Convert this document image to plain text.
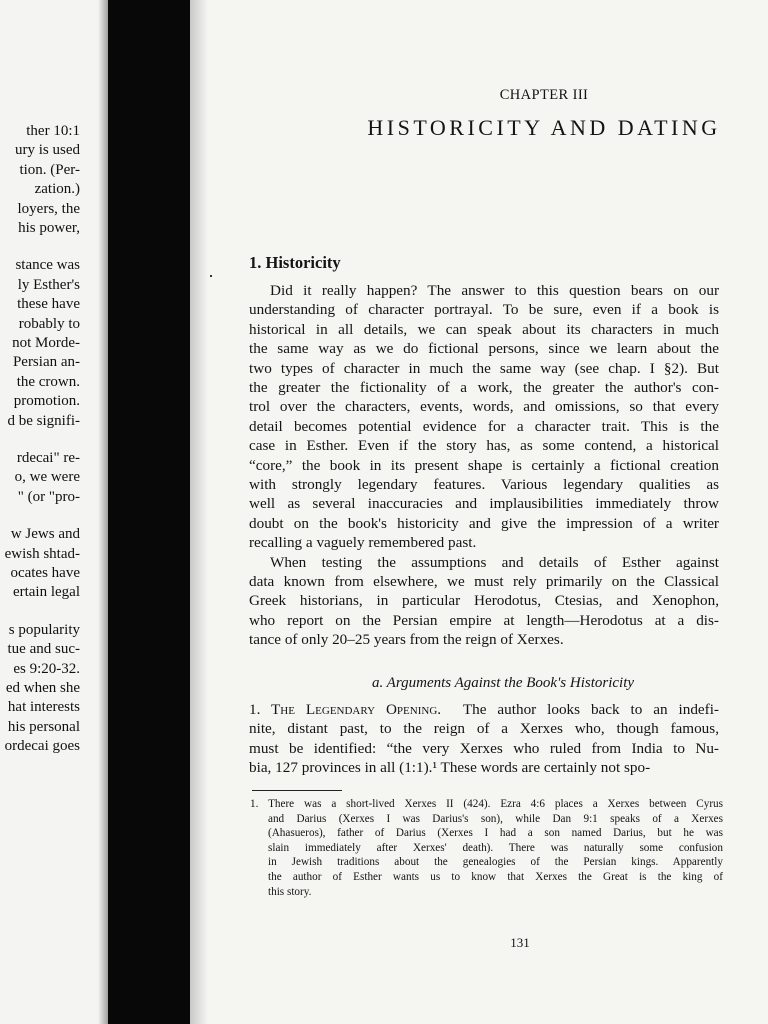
ther 10:1
ury is used
tion. (Per-
zation.)
loyers, the
his power,
stance was
ly Esther's
these have
robably to
not Morde-
Persian an-
the crown.
promotion.
d be signifi-
rdecai" re-
o, we were
" (or "pro-
w Jews and
ewish shtad-
ocates have
ertain legal
s popularity
tue and suc-
es 9:20-32.
ed when she
hat interests
his personal
ordecai goes
CHAPTER III
HISTORICITY AND DATING
1. Historicity
Did it really happen? The answer to this question bears on our
understanding of character portrayal. To be sure, even if a book is
historical in all details, we can speak about its characters in much
the same way as we do fictional persons, since we learn about the
two types of character in much the same way (see chap. I §2). But
the greater the fictionality of a work, the greater the author's con-
trol over the characters, events, words, and omissions, so that every
detail becomes potential evidence for a character trait. This is the
case in Esther. Even if the story has, as some contend, a historical
“core,” the book in its present shape is certainly a fictional creation
with strongly legendary features. Various legendary qualities as
well as several inaccuracies and implausibilities immediately throw
doubt on the book's historicity and give the impression of a writer
recalling a vaguely remembered past.
When testing the assumptions and details of Esther against
data known from elsewhere, we must rely primarily on the Classical
Greek historians, in particular Herodotus, Ctesias, and Xenophon,
who report on the Persian empire at length—Herodotus at a dis-
tance of only 20–25 years from the reign of Xerxes.
a. Arguments Against the Book's Historicity
1. The Legendary Opening. The author looks back to an indefi-
nite, distant past, to the reign of a Xerxes who, though famous,
must be identified: “the very Xerxes who ruled from India to Nu-
bia, 127 provinces in all (1:1).¹ These words are certainly not spo-
1. There was a short-lived Xerxes II (424). Ezra 4:6 places a Xerxes between Cyrus
and Darius (Xerxes I was Darius's son), while Dan 9:1 speaks of a Xerxes
(Ahasueros), father of Darius (Xerxes I had a son named Darius, but he was
slain immediately after Xerxes' death). There was naturally some confusion
in Jewish traditions about the genealogies of the Persian kings. Apparently
the author of Esther wants us to know that Xerxes the Great is the king of
this story.
131
